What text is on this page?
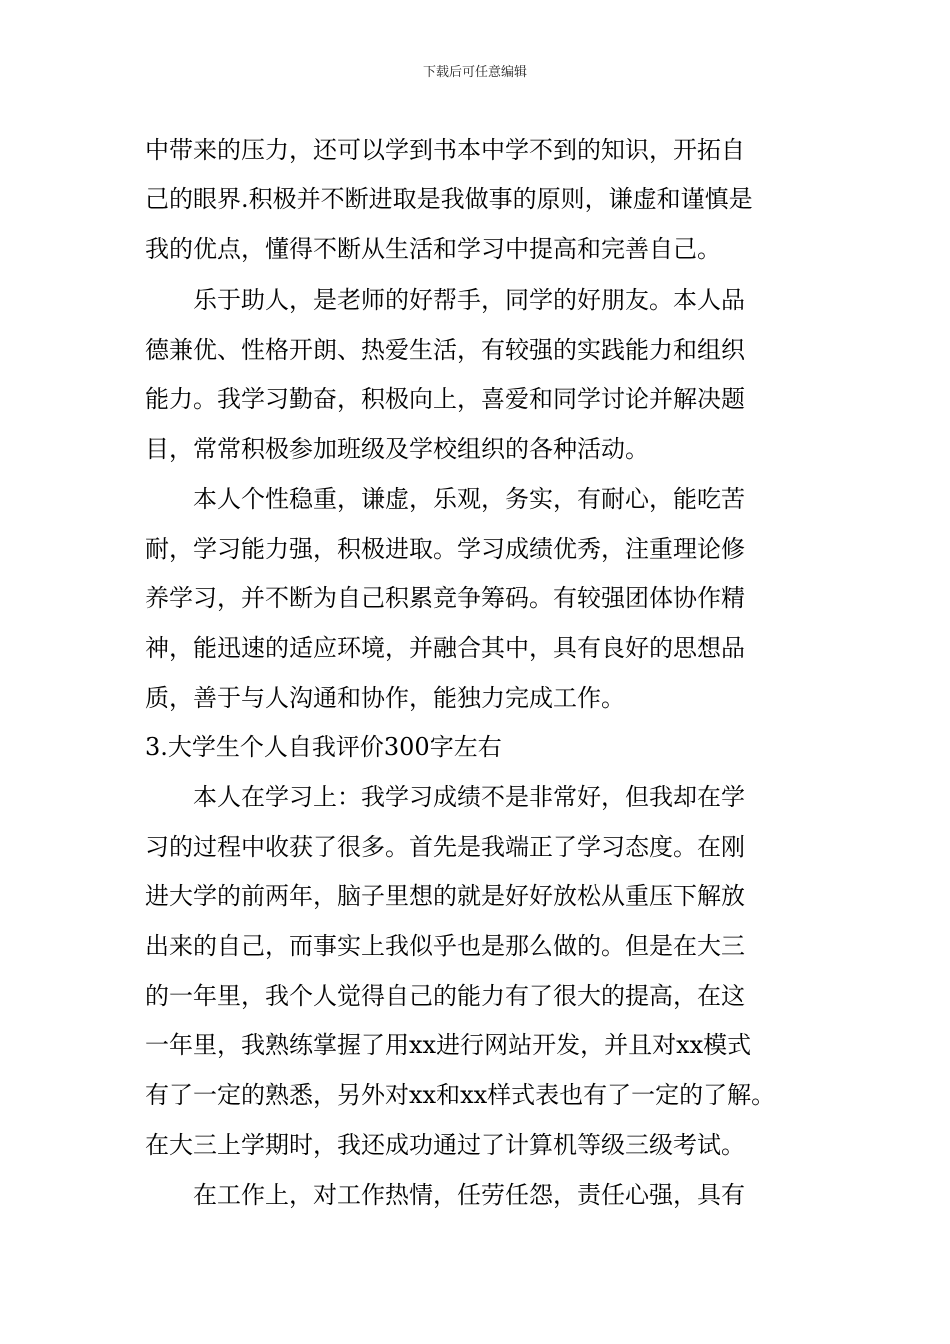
下载后可任意编辑
中带来的压力，还可以学到书本中学不到的知识，开拓自
己的眼界.积极并不断进取是我做事的原则，谦虚和谨慎是
我的优点，懂得不断从生活和学习中提高和完善自己。
　　乐于助人，是老师的好帮手，同学的好朋友。本人品
德兼优、性格开朗、热爱生活，有较强的实践能力和组织
能力。我学习勤奋，积极向上，喜爱和同学讨论并解决题
目，常常积极参加班级及学校组织的各种活动。
　　本人个性稳重，谦虚，乐观，务实，有耐心，能吃苦
耐，学习能力强，积极进取。学习成绩优秀，注重理论修
养学习，并不断为自己积累竞争筹码。有较强团体协作精
神，能迅速的适应环境，并融合其中，具有良好的思想品
质，善于与人沟通和协作，能独力完成工作。
3.大学生个人自我评价300字左右
　　本人在学习上：我学习成绩不是非常好，但我却在学
习的过程中收获了很多。首先是我端正了学习态度。在刚
进大学的前两年，脑子里想的就是好好放松从重压下解放
出来的自己，而事实上我似乎也是那么做的。但是在大三
的一年里，我个人觉得自己的能力有了很大的提高，在这
一年里，我熟练掌握了用xx进行网站开发，并且对xx模式
有了一定的熟悉，另外对xx和xx样式表也有了一定的了解。
在大三上学期时，我还成功通过了计算机等级三级考试。
　　在工作上，对工作热情，任劳任怨，责任心强，具有
